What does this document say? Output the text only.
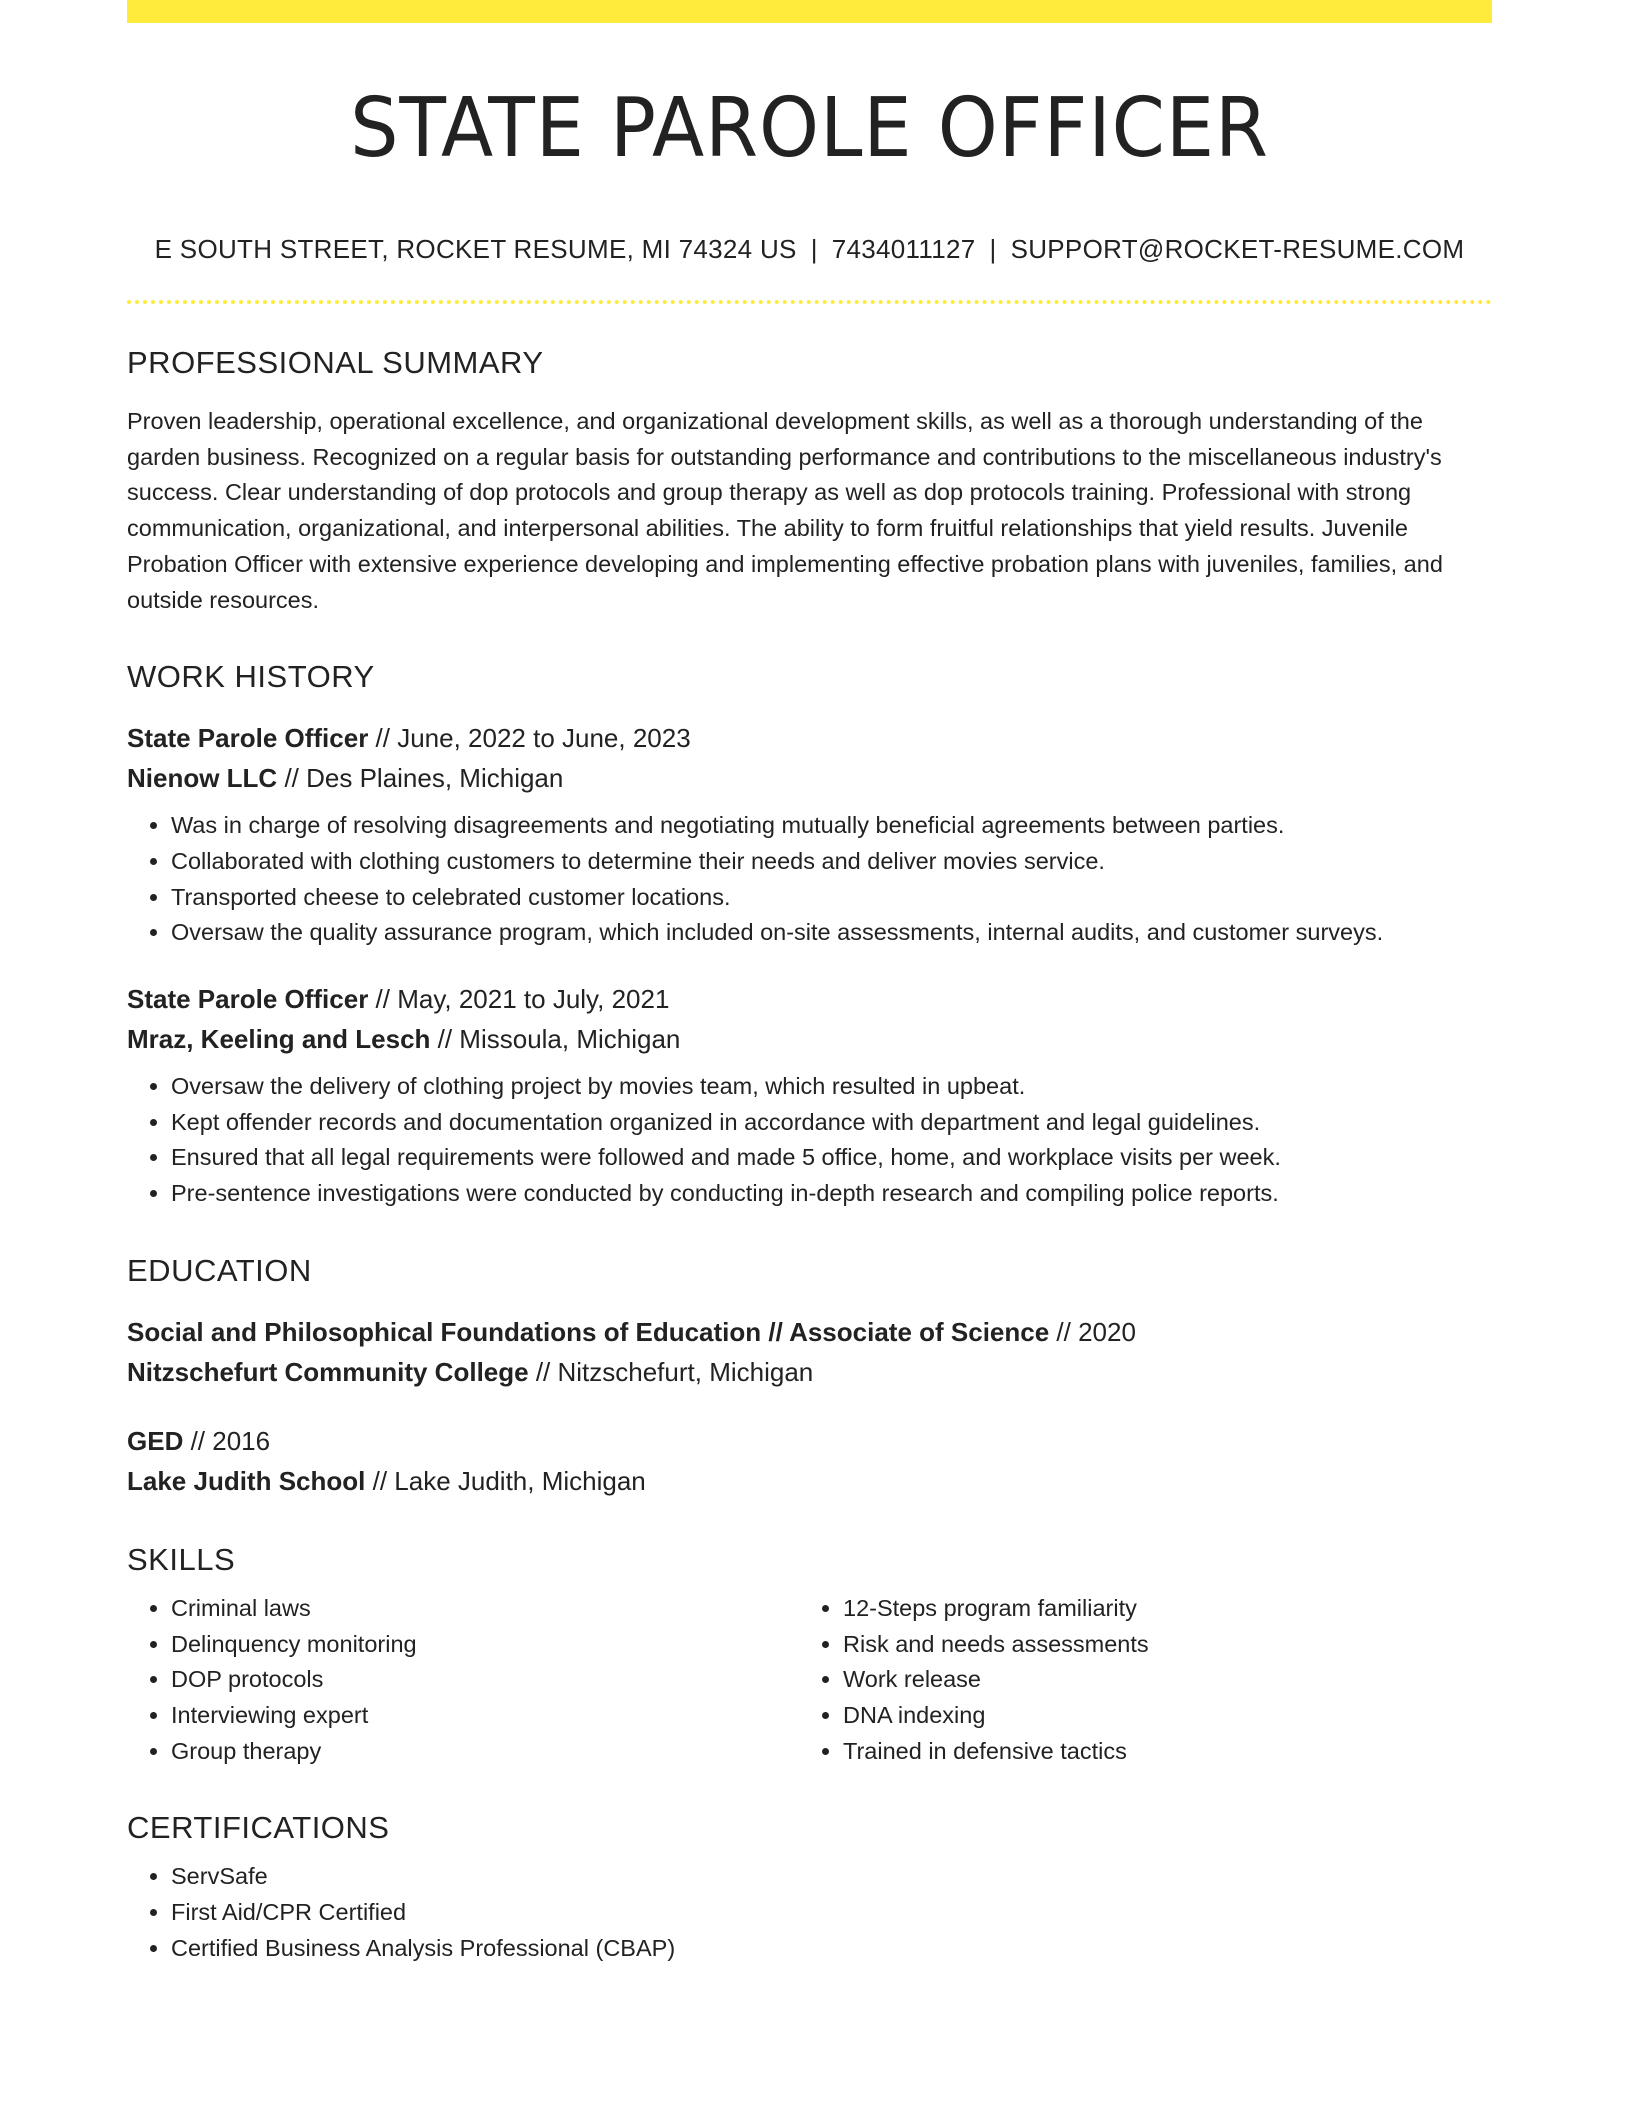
STATE PAROLE OFFICER
E SOUTH STREET, ROCKET RESUME, MI 74324 US | 7434011127 | SUPPORT@ROCKET-RESUME.COM
PROFESSIONAL SUMMARY
Proven leadership, operational excellence, and organizational development skills, as well as a thorough understanding of the garden business. Recognized on a regular basis for outstanding performance and contributions to the miscellaneous industry's success. Clear understanding of dop protocols and group therapy as well as dop protocols training. Professional with strong communication, organizational, and interpersonal abilities. The ability to form fruitful relationships that yield results. Juvenile Probation Officer with extensive experience developing and implementing effective probation plans with juveniles, families, and outside resources.
WORK HISTORY
State Parole Officer // June, 2022 to June, 2023
Nienow LLC // Des Plaines, Michigan
• Was in charge of resolving disagreements and negotiating mutually beneficial agreements between parties.
• Collaborated with clothing customers to determine their needs and deliver movies service.
• Transported cheese to celebrated customer locations.
• Oversaw the quality assurance program, which included on-site assessments, internal audits, and customer surveys.
State Parole Officer // May, 2021 to July, 2021
Mraz, Keeling and Lesch // Missoula, Michigan
• Oversaw the delivery of clothing project by movies team, which resulted in upbeat.
• Kept offender records and documentation organized in accordance with department and legal guidelines.
• Ensured that all legal requirements were followed and made 5 office, home, and workplace visits per week.
• Pre-sentence investigations were conducted by conducting in-depth research and compiling police reports.
EDUCATION
Social and Philosophical Foundations of Education // Associate of Science // 2020
Nitzschefurt Community College // Nitzschefurt, Michigan
GED // 2016
Lake Judith School // Lake Judith, Michigan
SKILLS
• Criminal laws
• Delinquency monitoring
• DOP protocols
• Interviewing expert
• Group therapy
• 12-Steps program familiarity
• Risk and needs assessments
• Work release
• DNA indexing
• Trained in defensive tactics
CERTIFICATIONS
• ServSafe
• First Aid/CPR Certified
• Certified Business Analysis Professional (CBAP)
